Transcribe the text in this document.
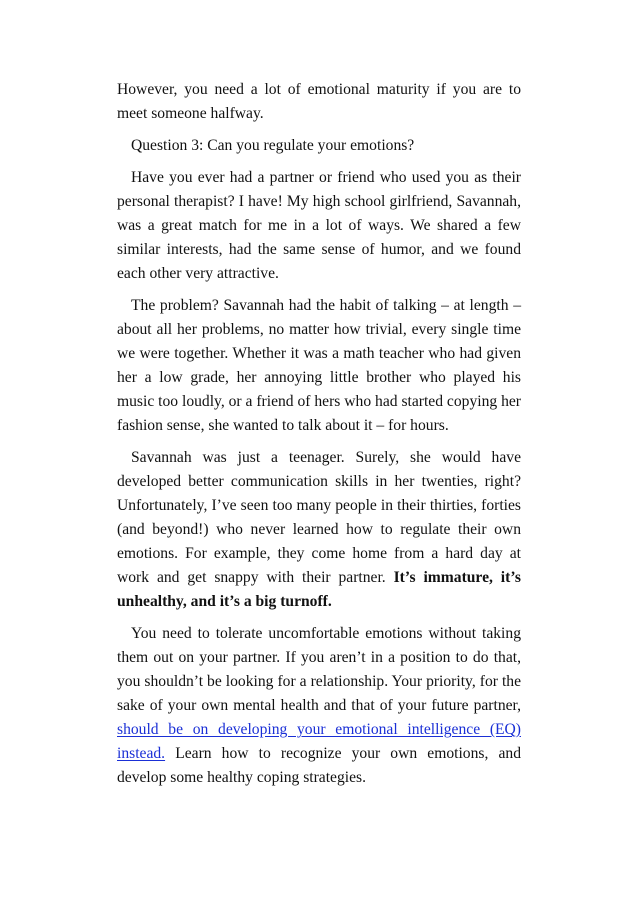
However, you need a lot of emotional maturity if you are to meet someone halfway.

Question 3: Can you regulate your emotions?

Have you ever had a partner or friend who used you as their personal therapist? I have! My high school girlfriend, Savannah, was a great match for me in a lot of ways. We shared a few similar interests, had the same sense of humor, and we found each other very attractive.

The problem? Savannah had the habit of talking – at length – about all her problems, no matter how trivial, every single time we were together. Whether it was a math teacher who had given her a low grade, her annoying little brother who played his music too loudly, or a friend of hers who had started copying her fashion sense, she wanted to talk about it – for hours.

Savannah was just a teenager. Surely, she would have developed better communication skills in her twenties, right? Unfortunately, I’ve seen too many people in their thirties, forties (and beyond!) who never learned how to regulate their own emotions. For example, they come home from a hard day at work and get snappy with their partner. It’s immature, it’s unhealthy, and it’s a big turnoff.

You need to tolerate uncomfortable emotions without taking them out on your partner. If you aren’t in a position to do that, you shouldn’t be looking for a relationship. Your priority, for the sake of your own mental health and that of your future partner, should be on developing your emotional intelligence (EQ) instead. Learn how to recognize your own emotions, and develop some healthy coping strategies.
